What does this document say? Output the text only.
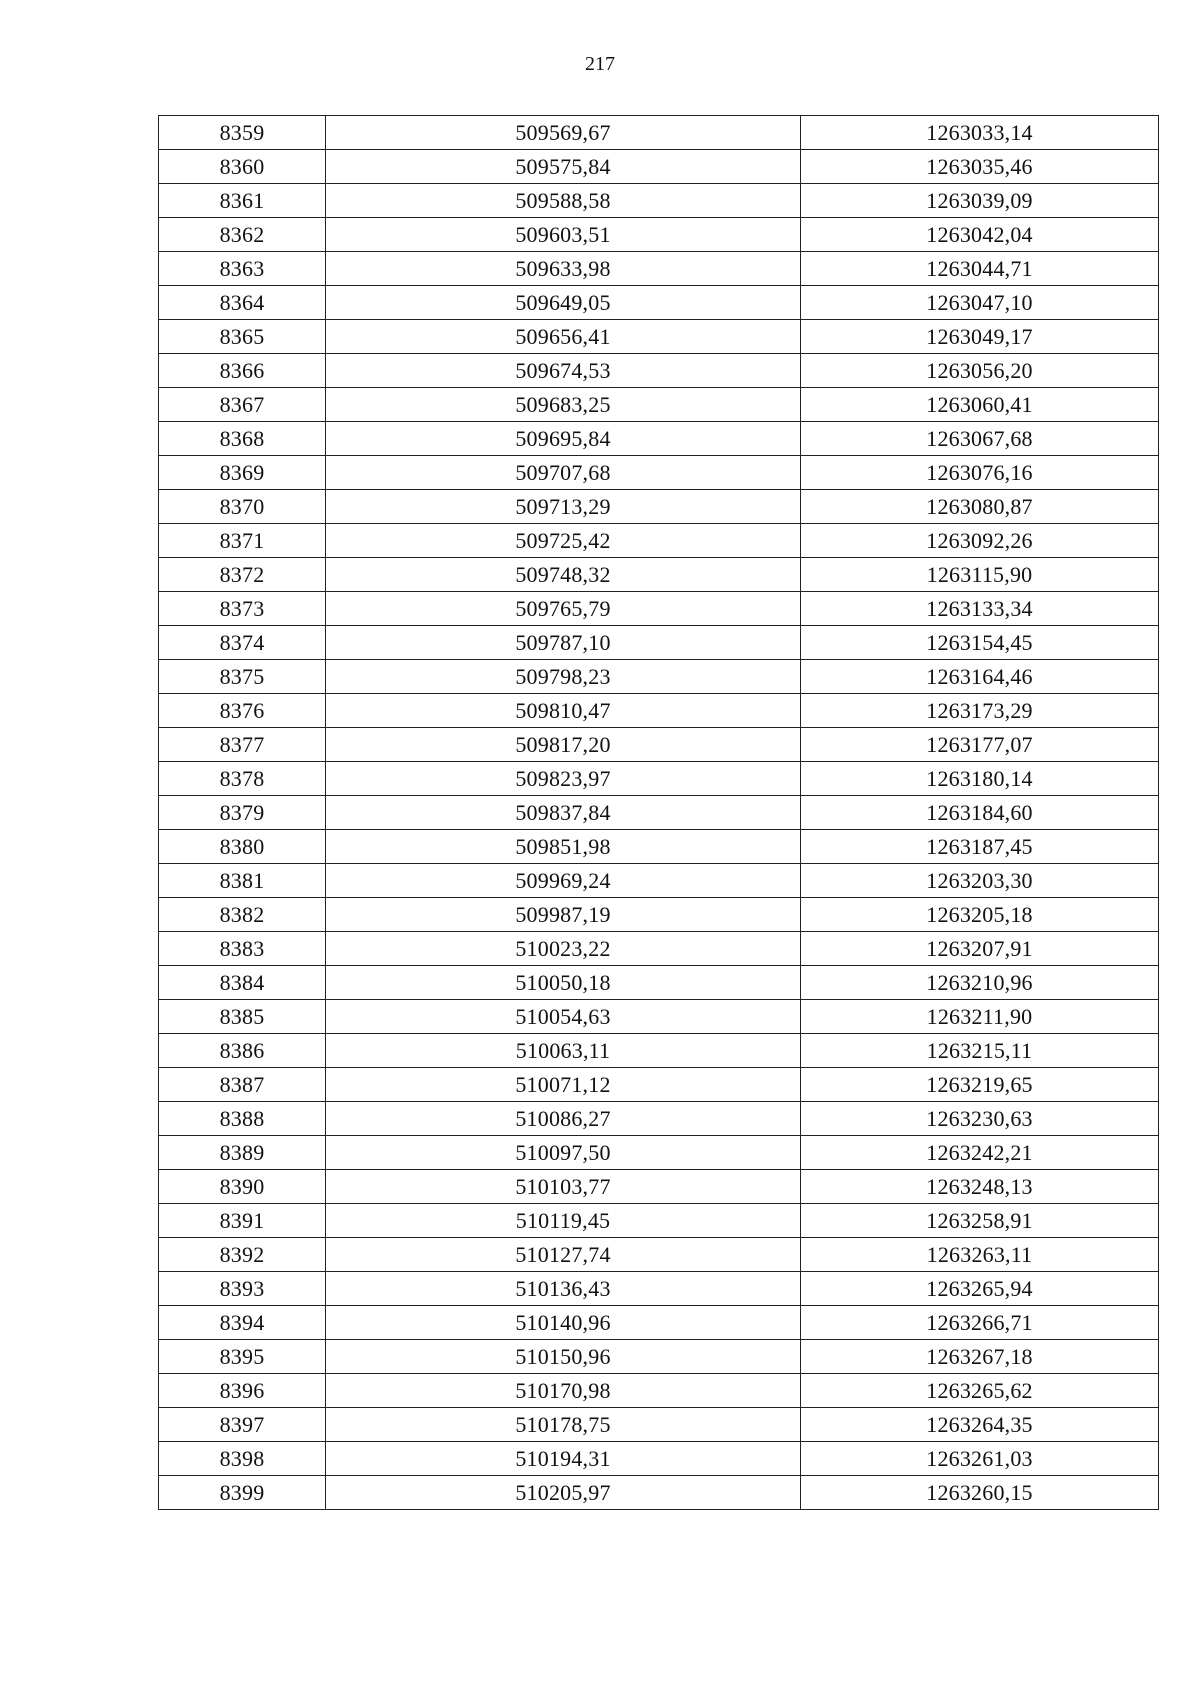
217
8359	509569,67	1263033,14
8360	509575,84	1263035,46
8361	509588,58	1263039,09
8362	509603,51	1263042,04
8363	509633,98	1263044,71
8364	509649,05	1263047,10
8365	509656,41	1263049,17
8366	509674,53	1263056,20
8367	509683,25	1263060,41
8368	509695,84	1263067,68
8369	509707,68	1263076,16
8370	509713,29	1263080,87
8371	509725,42	1263092,26
8372	509748,32	1263115,90
8373	509765,79	1263133,34
8374	509787,10	1263154,45
8375	509798,23	1263164,46
8376	509810,47	1263173,29
8377	509817,20	1263177,07
8378	509823,97	1263180,14
8379	509837,84	1263184,60
8380	509851,98	1263187,45
8381	509969,24	1263203,30
8382	509987,19	1263205,18
8383	510023,22	1263207,91
8384	510050,18	1263210,96
8385	510054,63	1263211,90
8386	510063,11	1263215,11
8387	510071,12	1263219,65
8388	510086,27	1263230,63
8389	510097,50	1263242,21
8390	510103,77	1263248,13
8391	510119,45	1263258,91
8392	510127,74	1263263,11
8393	510136,43	1263265,94
8394	510140,96	1263266,71
8395	510150,96	1263267,18
8396	510170,98	1263265,62
8397	510178,75	1263264,35
8398	510194,31	1263261,03
8399	510205,97	1263260,15
